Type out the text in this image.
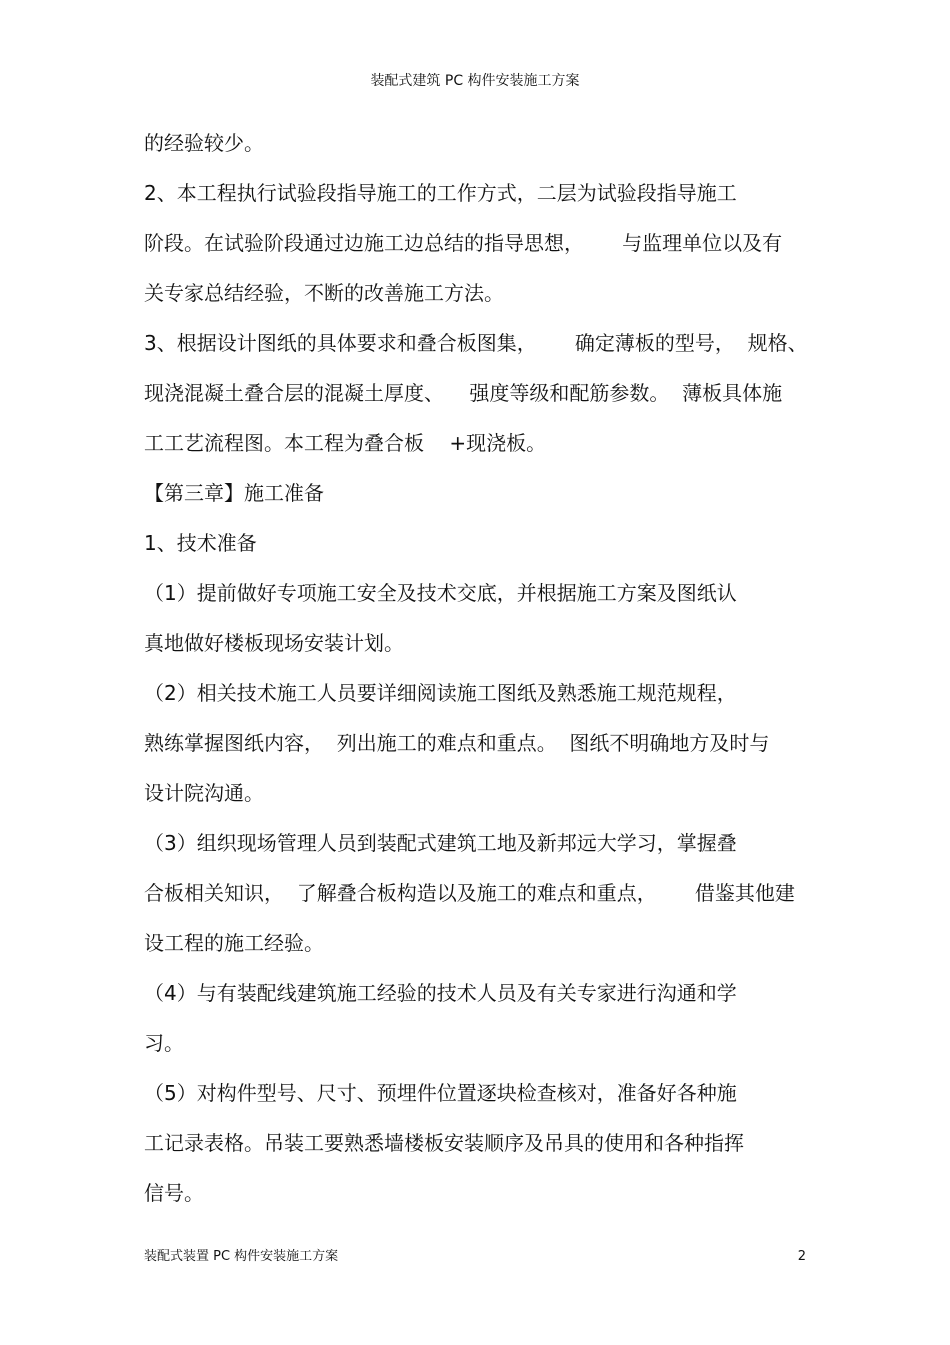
装配式建筑 PC 构件安装施工方案
的经验较少。
2、本工程执行试验段指导施工的工作方式，二层为试验段指导施工
阶段。在试验阶段通过边施工边总结的指导思想，      与监理单位以及有
关专家总结经验，不断的改善施工方法。
3、根据设计图纸的具体要求和叠合板图集，      确定薄板的型号，  规格、
现浇混凝土叠合层的混凝土厚度、    强度等级和配筋参数。  薄板具体施
工工艺流程图。本工程为叠合板    +现浇板。
【第三章】施工准备
1、技术准备
（1）提前做好专项施工安全及技术交底，并根据施工方案及图纸认
真地做好楼板现场安装计划。
（2）相关技术施工人员要详细阅读施工图纸及熟悉施工规范规程，
熟练掌握图纸内容，  列出施工的难点和重点。  图纸不明确地方及时与
设计院沟通。
（3）组织现场管理人员到装配式建筑工地及新邦远大学习，掌握叠
合板相关知识，  了解叠合板构造以及施工的难点和重点，      借鉴其他建
设工程的施工经验。
（4）与有装配线建筑施工经验的技术人员及有关专家进行沟通和学
习。
（5）对构件型号、尺寸、预埋件位置逐块检查核对，准备好各种施
工记录表格。吊装工要熟悉墙楼板安装顺序及吊具的使用和各种指挥
信号。
装配式装置 PC 构件安装施工方案	2
